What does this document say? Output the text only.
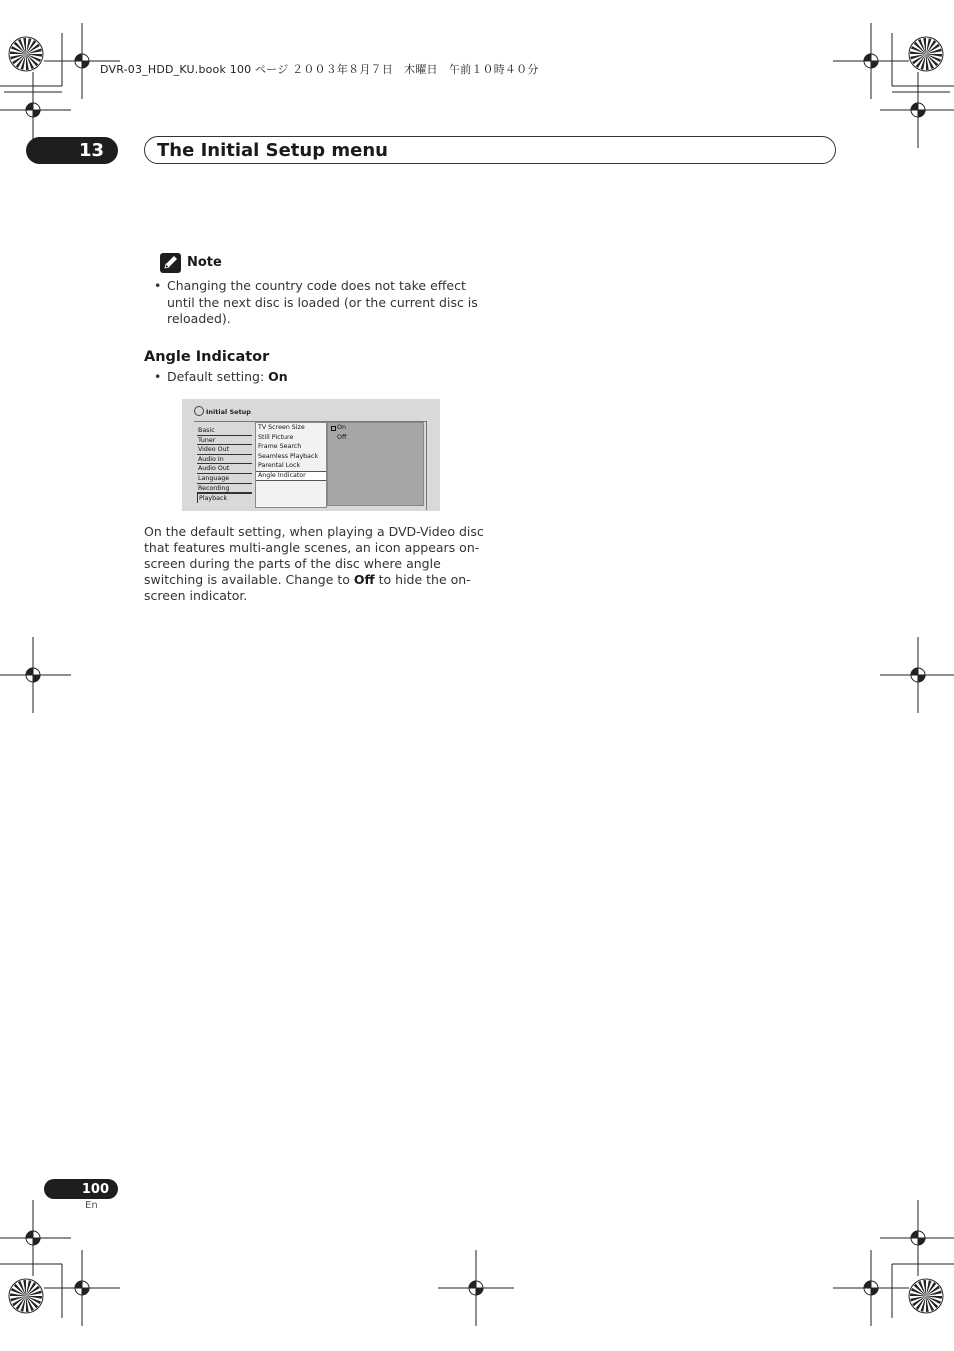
DVR-03_HDD_KU.book 100 ページ ２００３年８月７日　木曜日　午前１０時４０分
13	The Initial Setup menu
Note
• Changing the country code does not take effect until the next disc is loaded (or the current disc is reloaded).
Angle Indicator
• Default setting: On
Initial Setup
Basic
Tuner
Video Out
Audio In
Audio Out
Language
Recording
Playback
TV Screen Size
Still Picture
Frame Search
Seamless Playback
Parental Lock
Angle Indicator
On
Off
On the default setting, when playing a DVD-Video disc that features multi-angle scenes, an icon appears on-screen during the parts of the disc where angle switching is available. Change to Off to hide the on-screen indicator.
100
En
